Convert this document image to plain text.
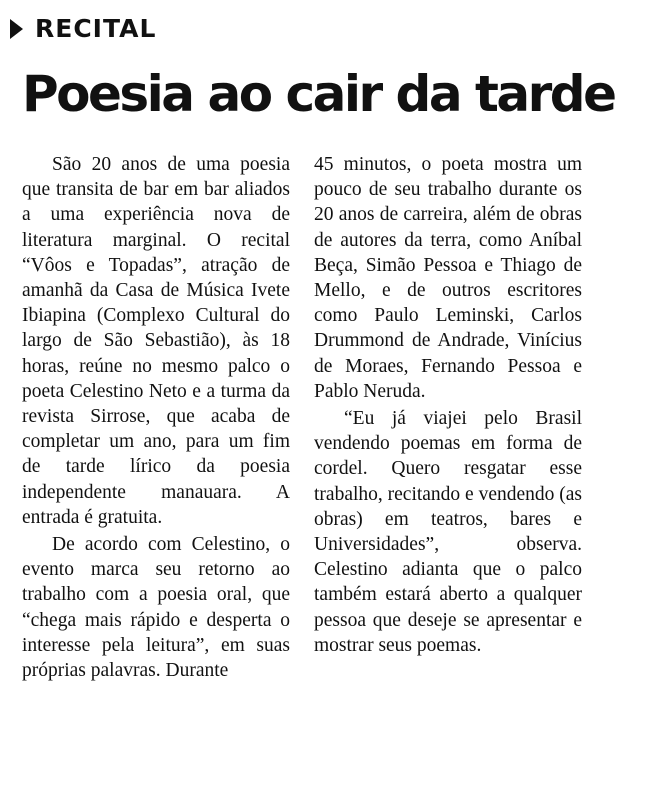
RECITAL
Poesia ao cair da tarde

São 20 anos de uma poesia que transita de bar em bar aliados a uma experiência nova de literatura marginal. O recital “Vôos e Topadas”, atração de amanhã da Casa de Música Ivete Ibiapina (Complexo Cultural do largo de São Sebastião), às 18 horas, reúne no mesmo palco o poeta Celestino Neto e a turma da revista Sirrose, que acaba de completar um ano, para um fim de tarde lírico da poesia independente manauara. A entrada é gratuita.

De acordo com Celestino, o evento marca seu retorno ao trabalho com a poesia oral, que “chega mais rápido e desperta o interesse pela leitura”, em suas próprias palavras. Durante

45 minutos, o poeta mostra um pouco de seu trabalho durante os 20 anos de carreira, além de obras de autores da terra, como Aníbal Beça, Simão Pessoa e Thiago de Mello, e de outros escritores como Paulo Leminski, Carlos Drummond de Andrade, Vinícius de Moraes, Fernando Pessoa e Pablo Neruda.

“Eu já viajei pelo Brasil vendendo poemas em forma de cordel. Quero resgatar esse trabalho, recitando e vendendo (as obras) em teatros, bares e Universidades”, observa. Celestino adianta que o palco também estará aberto a qualquer pessoa que deseje se apresentar e mostrar seus poemas.
